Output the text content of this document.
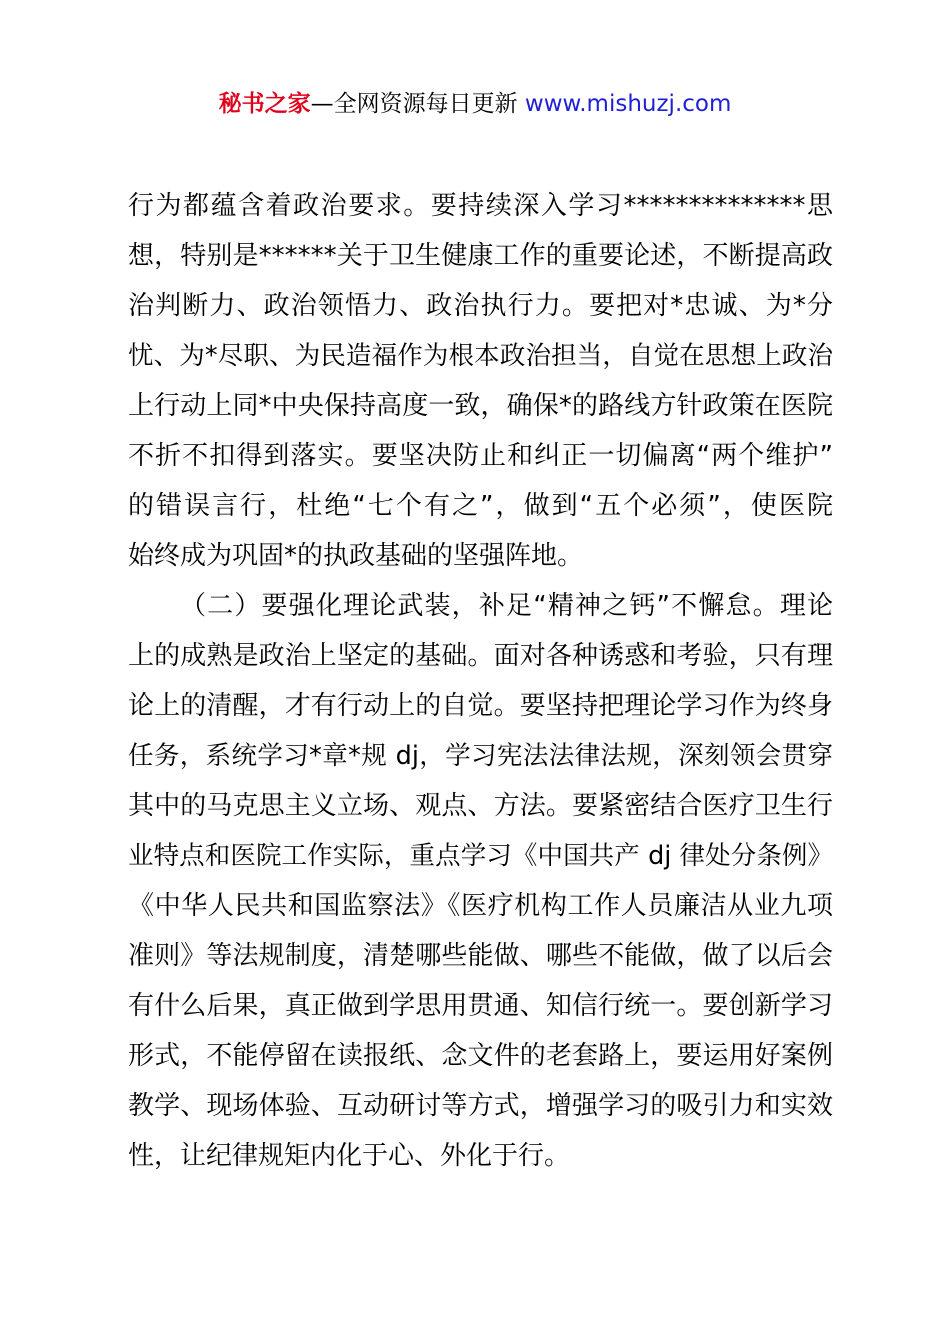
秘书之家—全网资源每日更新 www.mishuzj.com
行为都蕴含着政治要求。要持续深入学习**************思
想，特别是******关于卫生健康工作的重要论述，不断提高政
治判断力、政治领悟力、政治执行力。要把对*忠诚、为*分
忧、为*尽职、为民造福作为根本政治担当，自觉在思想上政治
上行动上同*中央保持高度一致，确保*的路线方针政策在医院
不折不扣得到落实。要坚决防止和纠正一切偏离“两个维护”
的错误言行，杜绝“七个有之”，做到“五个必须”，使医院
始终成为巩固*的执政基础的坚强阵地。
（二）要强化理论武装，补足“精神之钙”不懈怠。理论
上的成熟是政治上坚定的基础。面对各种诱惑和考验，只有理
论上的清醒，才有行动上的自觉。要坚持把理论学习作为终身
任务，系统学习*章*规 dj，学习宪法法律法规，深刻领会贯穿
其中的马克思主义立场、观点、方法。要紧密结合医疗卫生行
业特点和医院工作实际，重点学习《中国共产 dj 律处分条例》
《中华人民共和国监察法》《医疗机构工作人员廉洁从业九项
准则》等法规制度，清楚哪些能做、哪些不能做，做了以后会
有什么后果，真正做到学思用贯通、知信行统一。要创新学习
形式，不能停留在读报纸、念文件的老套路上，要运用好案例
教学、现场体验、互动研讨等方式，增强学习的吸引力和实效
性，让纪律规矩内化于心、外化于行。
